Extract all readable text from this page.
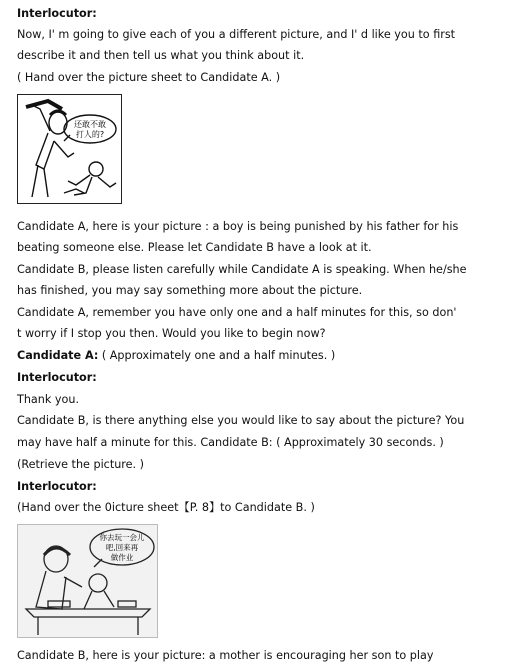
Interlocutor:
Now, I' m going to give each of you a different picture, and I' d like you to first
describe it and then tell us what you think about it.
( Hand over the picture sheet to Candidate A. )
还敢不敢
打人的?
Candidate A, here is your picture : a boy is being punished by his father for his
beating someone else. Please let Candidate B have a look at it.
Candidate B, please listen carefully while Candidate A is speaking. When he/she
has finished, you may say something more about the picture.
Candidate A, remember you have only one and a half minutes for this, so don'
t worry if I stop you then. Would you like to begin now?
Candidate A: ( Approximately one and a half minutes. )
Interlocutor:
Thank you.
Candidate B, is there anything else you would like to say about the picture? You
may have half a minute for this. Candidate B: ( Approximately 30 seconds. )
(Retrieve the picture. )
Interlocutor:
(Hand over the 0icture sheet【P. 8】to Candidate B. )
你去玩一会儿
吧,回来再
做作业
Candidate B, here is your picture: a mother is encouraging her son to play
